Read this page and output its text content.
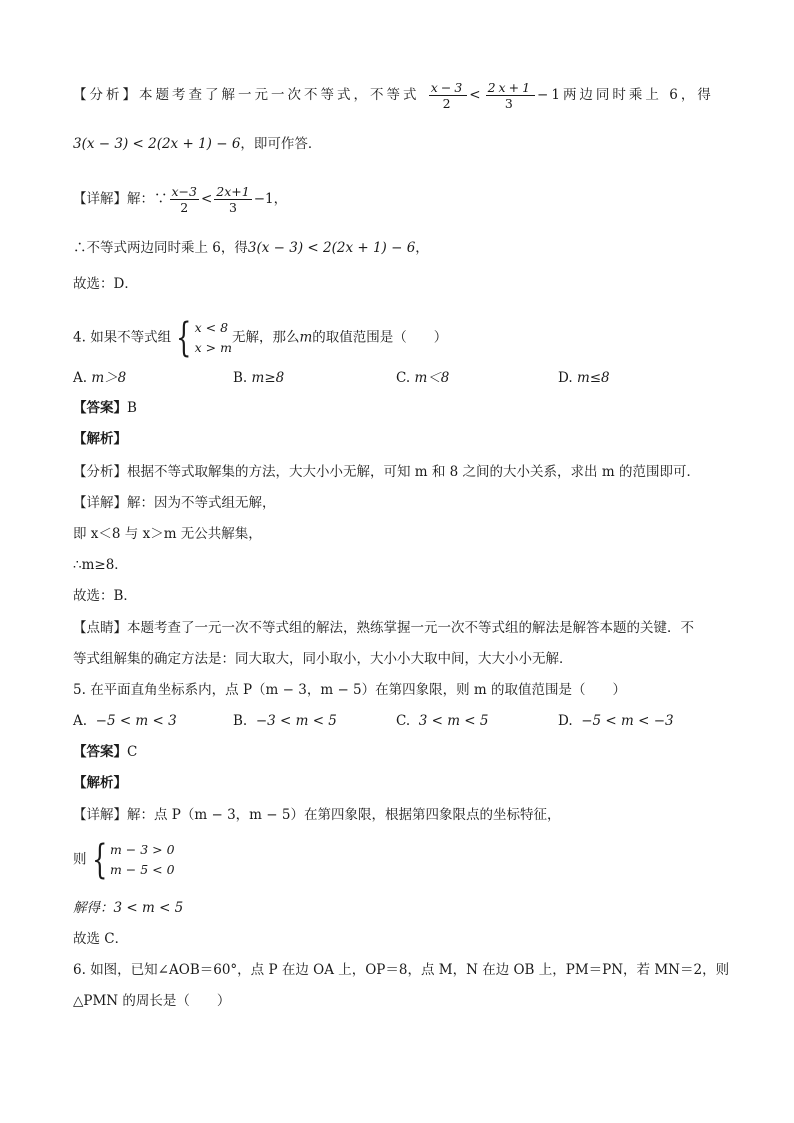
【分析】本题考查了解一元一次不等式，不等式 $\frac{x-3}{2} < \frac{2x+1}{3} -1$两边同时乘上 6，得
3(x − 3) < 2(2x + 1) − 6，即可作答．
【详解】解：∵ $\frac{x-3}{2} < \frac{2x+1}{3} -1$，
∴不等式两边同时乘上 6，得3(x − 3) < 2(2x + 1) − 6，
故选：D．
4. 如果不等式组 { x < 8
x > m
无解，那么m的取值范围是（　　）
A. m＞8	B. m≥8	C. m＜8	D. m≤8
【答案】B
【解析】
【分析】根据不等式取解集的方法，大大小小无解，可知 m 和 8 之间的大小关系，求出 m 的范围即可．
【详解】解：因为不等式组无解，
即 x＜8 与 x＞m 无公共解集，
∴m≥8．
故选：B．
【点睛】本题考查了一元一次不等式组的解法，熟练掌握一元一次不等式组的解法是解答本题的关键．不
等式组解集的确定方法是：同大取大，同小取小，大小小大取中间，大大小小无解．
5. 在平面直角坐标系内，点 P（m − 3，m − 5）在第四象限，则 m 的取值范围是（　　）
A. −5 < m < 3	B. −3 < m < 5	C. 3 < m < 5	D. −5 < m < −3
【答案】C
【解析】
【详解】解：点 P（m − 3，m − 5）在第四象限，根据第四象限点的坐标特征，
则 { m − 3 > 0
m − 5 < 0
解得：3 < m < 5
故选 C．
6. 如图，已知∠AOB＝60°，点 P 在边 OA 上，OP＝8，点 M，N 在边 OB 上，PM＝PN，若 MN＝2，则
△PMN 的周长是（　　）
